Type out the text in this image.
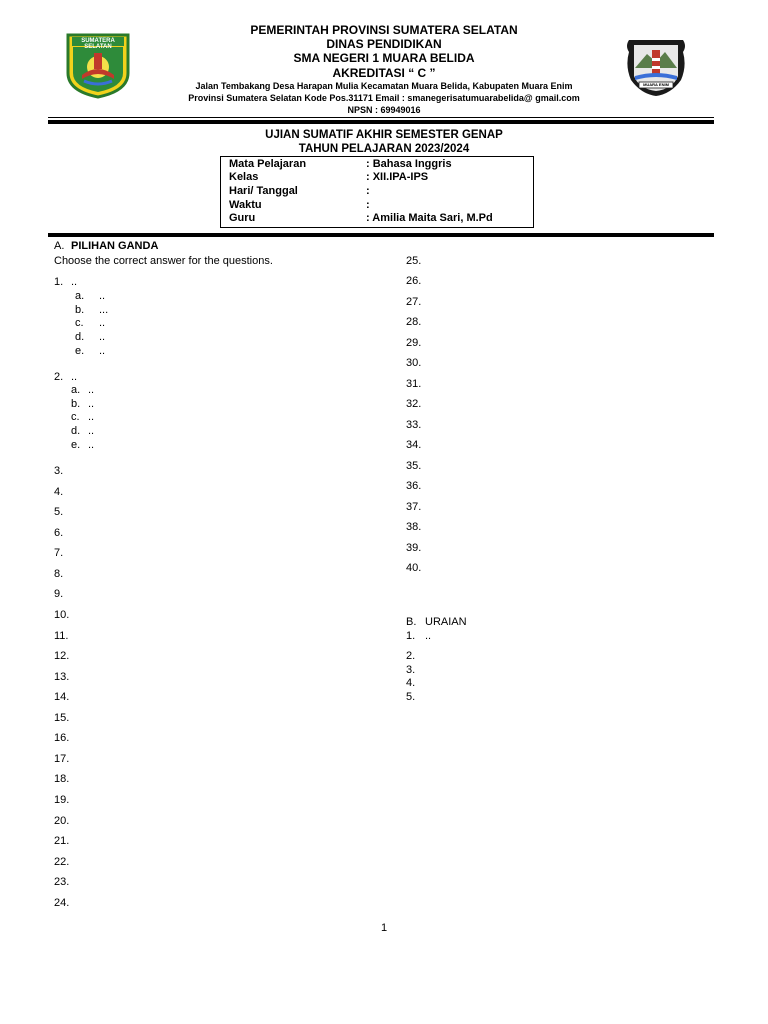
SUMATERA SELATAN
MUARA ENIM
PEMERINTAH PROVINSI SUMATERA SELATAN
DINAS PENDIDIKAN
SMA NEGERI 1 MUARA BELIDA
AKREDITASI “ C ”
Jalan Tembakang Desa Harapan Mulia Kecamatan Muara Belida, Kabupaten Muara Enim
Provinsi Sumatera Selatan Kode Pos.31171 Email : smanegerisatumuarabelida@ gmail.com
NPSN : 69949016
UJIAN SUMATIF AKHIR SEMESTER GENAP
TAHUN PELAJARAN 2023/2024
Mata Pelajaran	: Bahasa Inggris
Kelas	: XII.IPA-IPS
Hari/ Tanggal	:
Waktu	:
Guru	: Amilia Maita Sari, M.Pd
A. PILIHAN GANDA
Choose the correct answer for the questions.
1. ..
a. ..
b. ...
c. ..
d. ..
e. ..
2. ..
a. ..
b. ..
c. ..
d. ..
e. ..
3.
4.
5.
6.
7.
8.
9.
10.
11.
12.
13.
14.
15.
16.
17.
18.
19.
20.
21.
22.
23.
24.
25.
26.
27.
28.
29.
30.
31.
32.
33.
34.
35.
36.
37.
38.
39.
40.
B. URAIAN
1. ..
2.
3.
4.
5.
1
